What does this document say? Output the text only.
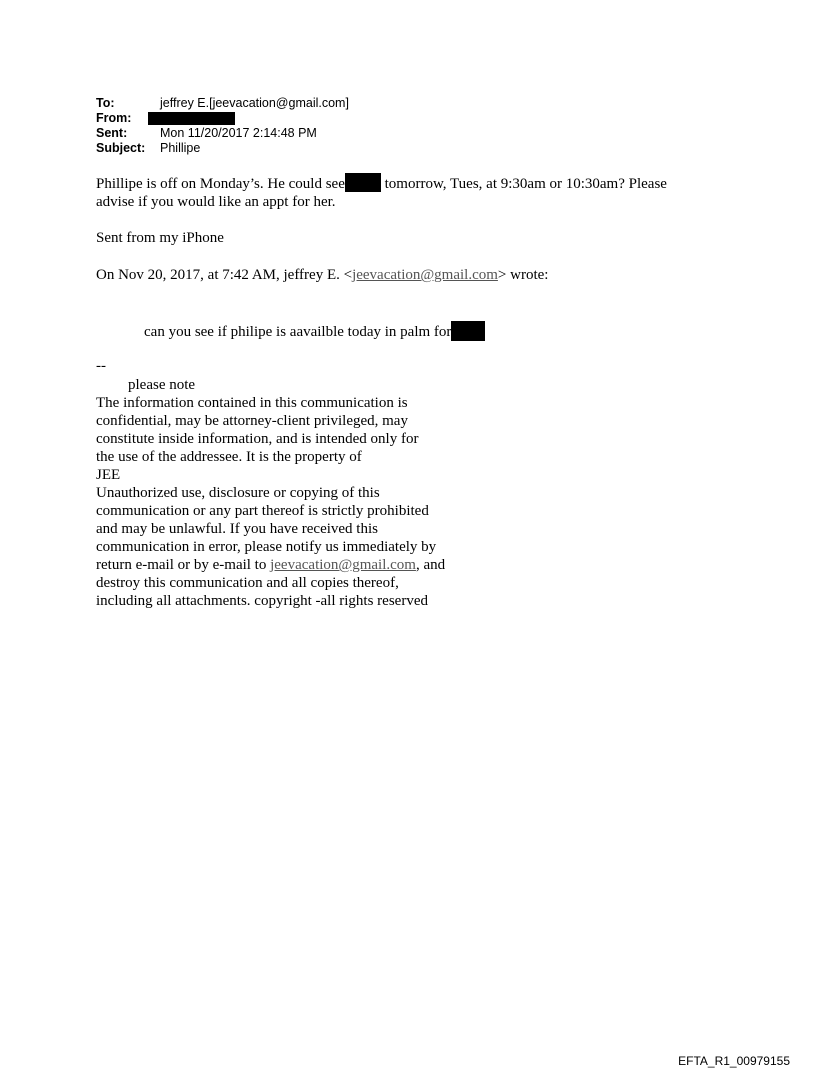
To:	jeffrey E.[jeevacation@gmail.com]
From:
Sent:	Mon 11/20/2017 2:14:48 PM
Subject:	Phillipe
Phillipe is off on Monday’s. He could see tomorrow, Tues, at 9:30am or 10:30am? Please
advise if you would like an appt for her.
Sent from my iPhone
On Nov 20, 2017, at 7:42 AM, jeffrey E. <jeevacation@gmail.com> wrote:
can you see if philipe is aavailble today in palm for
--
please note
The information contained in this communication is
confidential, may be attorney-client privileged, may
constitute inside information, and is intended only for
the use of the addressee. It is the property of
JEE
Unauthorized use, disclosure or copying of this
communication or any part thereof is strictly prohibited
and may be unlawful. If you have received this
communication in error, please notify us immediately by
return e-mail or by e-mail to jeevacation@gmail.com, and
destroy this communication and all copies thereof,
including all attachments. copyright -all rights reserved
EFTA_R1_00979155
